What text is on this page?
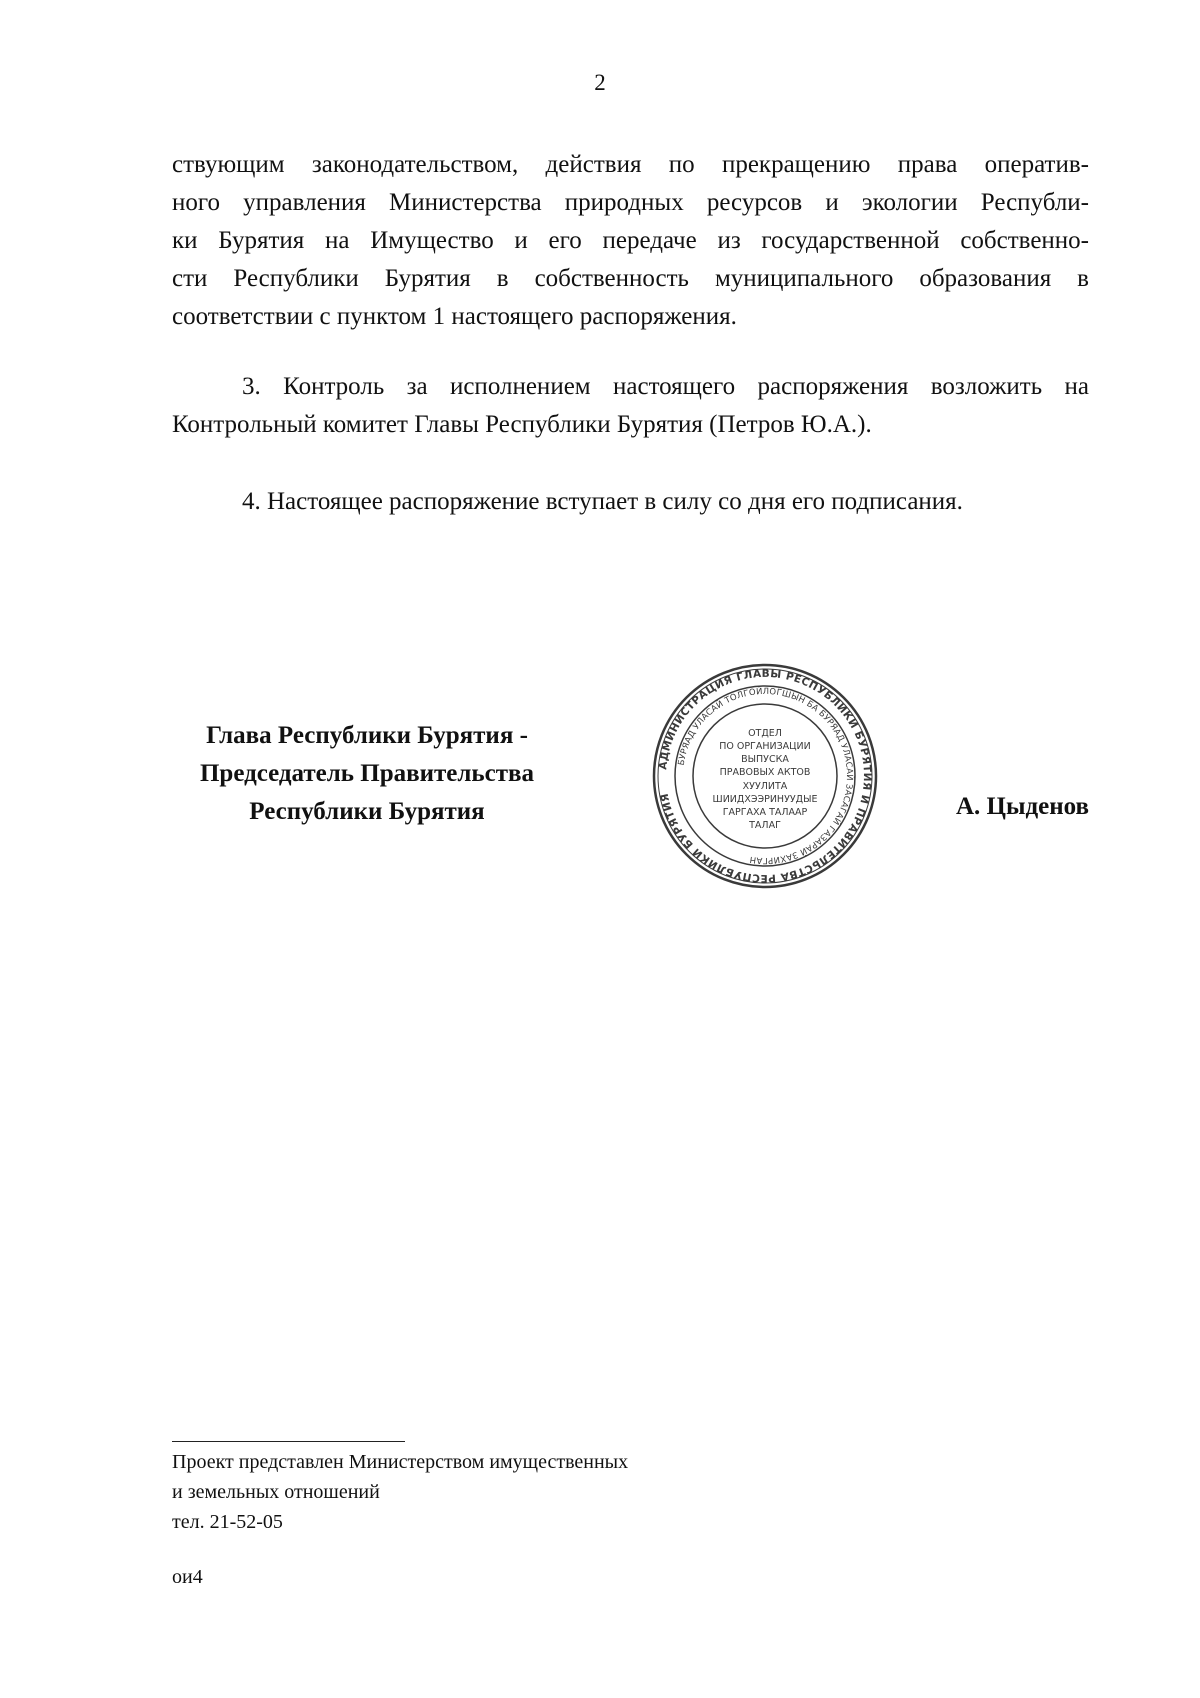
2
ствующим законодательством, действия по прекращению права оператив-
ного управления Министерства природных ресурсов и экологии Республи-
ки Бурятия на Имущество и его передаче из государственной собственно-
сти Республики Бурятия в собственность муниципального образования в
соответствии с пунктом 1 настоящего распоряжения.
3. Контроль за исполнением настоящего распоряжения возложить на
Контрольный комитет Главы Республики Бурятия (Петров Ю.А.).
4. Настоящее распоряжение вступает в силу со дня его подписания.
Глава Республики Бурятия -
Председатель Правительства
Республики Бурятия
АДМИНИСТРАЦИЯ ГЛАВЫ РЕСПУБЛИКИ БУРЯТИЯ И ПРАВИТЕЛЬСТВА РЕСПУБЛИКИ БУРЯТИЯ
БУРЯАД УЛАСАЙ ТОЛГОЙЛОГШЫН БА БУРЯАД УЛАСАЙ ЗАСАГАЙ ГАЗАРАЙ ЗАХИРГАН
ОТДЕЛ
ПО ОРГАНИЗАЦИИ
ВЫПУСКА
ПРАВОВЫХ АКТОВ
ХУУЛИТА
ШИИДХЭЭРИНУУДЫЕ
ГАРГАХА ТАЛААР
ТАЛАГ
А. Цыденов
Проект представлен Министерством имущественных
и земельных отношений
тел. 21-52-05
ои4
